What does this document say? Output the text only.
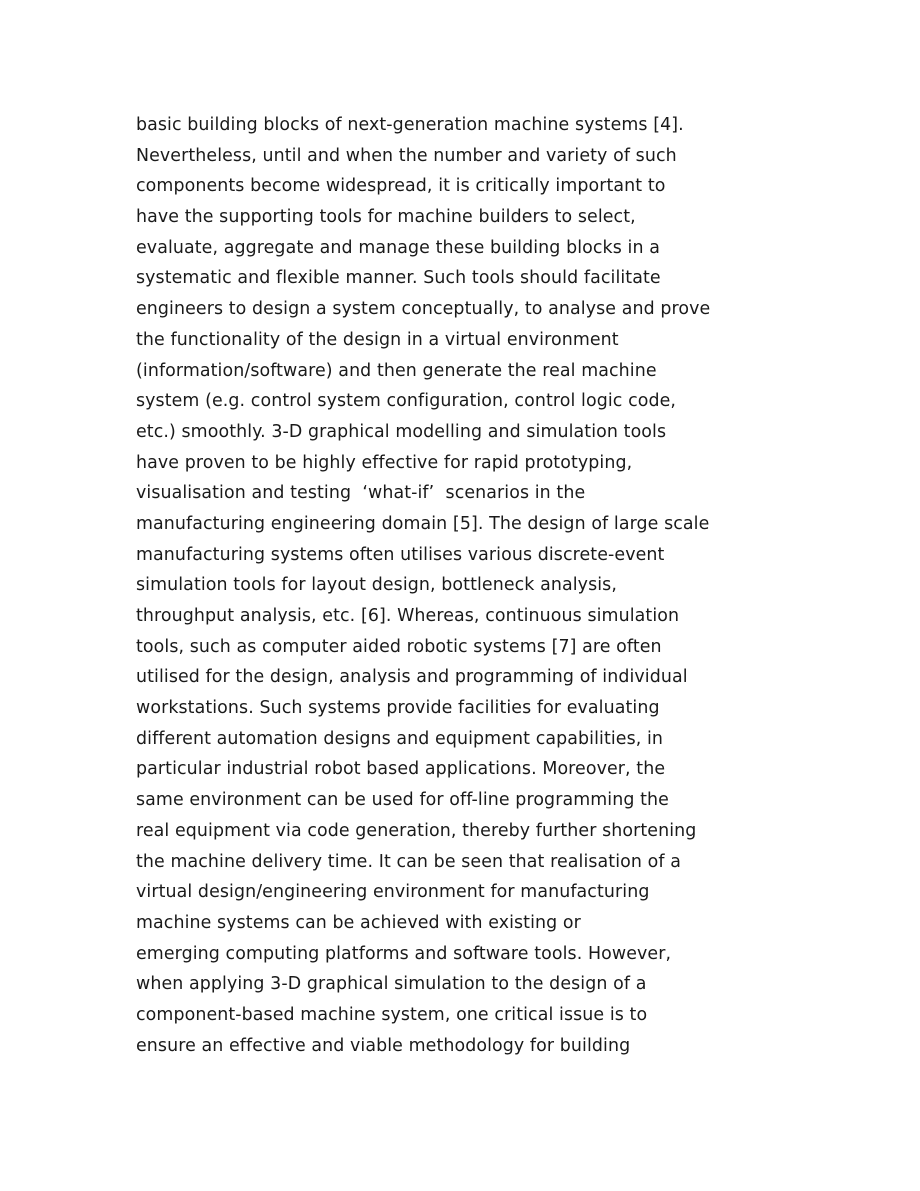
basic building blocks of next-generation machine systems [4].
Nevertheless, until and when the number and variety of such
components become widespread, it is critically important to
have the supporting tools for machine builders to select,
evaluate, aggregate and manage these building blocks in a
systematic and flexible manner. Such tools should facilitate
engineers to design a system conceptually, to analyse and prove
the functionality of the design in a virtual environment
(information/software) and then generate the real machine
system (e.g. control system configuration, control logic code,
etc.) smoothly. 3-D graphical modelling and simulation tools
have proven to be highly effective for rapid prototyping,
visualisation and testing  ‘what-if’  scenarios in the
manufacturing engineering domain [5]. The design of large scale
manufacturing systems often utilises various discrete-event
simulation tools for layout design, bottleneck analysis,
throughput analysis, etc. [6]. Whereas, continuous simulation
tools, such as computer aided robotic systems [7] are often
utilised for the design, analysis and programming of individual
workstations. Such systems provide facilities for evaluating
different automation designs and equipment capabilities, in
particular industrial robot based applications. Moreover, the
same environment can be used for off-line programming the
real equipment via code generation, thereby further shortening
the machine delivery time. It can be seen that realisation of a
virtual design/engineering environment for manufacturing
machine systems can be achieved with existing or
emerging computing platforms and software tools. However,
when applying 3-D graphical simulation to the design of a
component-based machine system, one critical issue is to
ensure an effective and viable methodology for building
